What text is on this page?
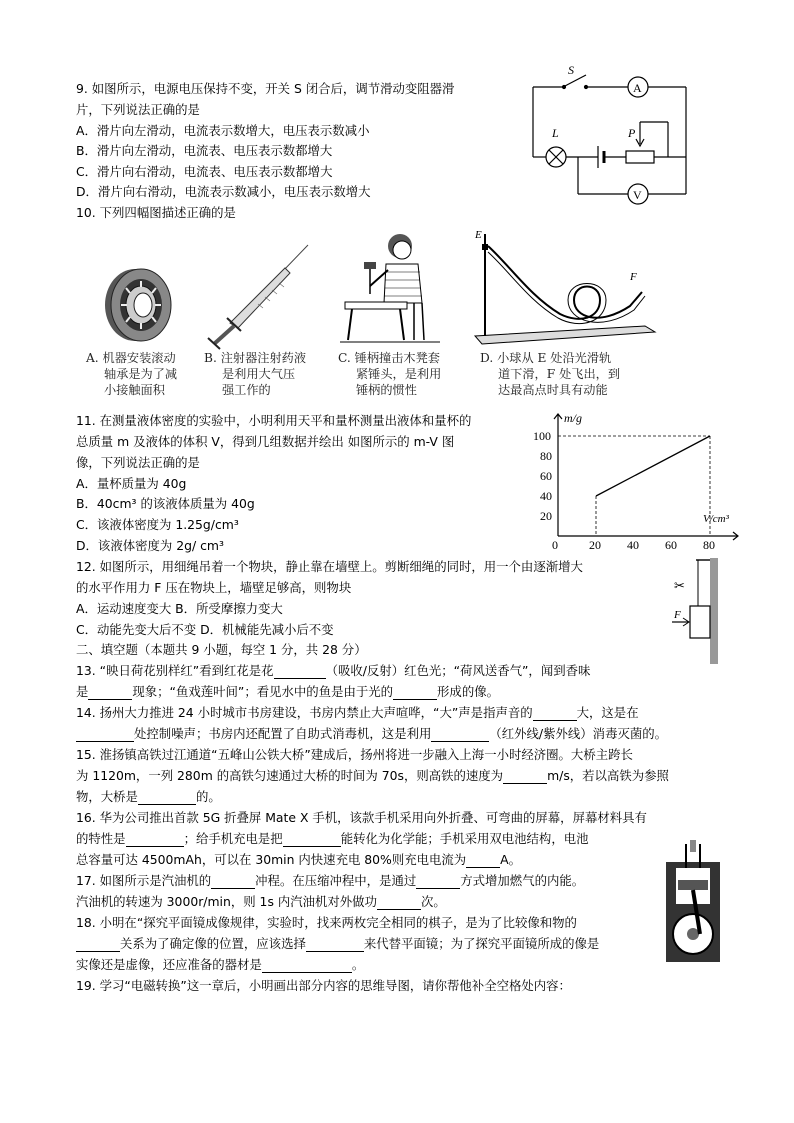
9. 如图所示，电源电压保持不变，开关 S 闭合后，调节滑动变阻器滑
片，下列说法正确的是
A．滑片向左滑动，电流表示数增大，电压表示数减小
B．滑片向左滑动，电流表、电压表示数都增大
C．滑片向右滑动，电流表、电压表示数都增大
D．滑片向右滑动，电流表示数减小，电压表示数增大
S
A
L	P
V
10. 下列四幅图描述正确的是
E
F
A. 机器安装滚动
轴承是为了减
小接触面积
B. 注射器注射药液
是利用大气压
强工作的
C. 锤柄撞击木凳套
紧锤头，是利用
锤柄的惯性
D. 小球从 E 处沿光滑轨
道下滑，F 处飞出，到
达最高点时具有动能
11. 在测量液体密度的实验中，小明利用天平和量杯测量出液体和量杯的
总质量 m 及液体的体积 V，得到几组数据并绘出 如图所示的 m-V 图
像，下列说法正确的是
A．量杯质量为 40g
B．40cm³ 的该液体质量为 40g
C．该液体密度为 1.25g/cm³
D．该液体密度为 2g/ cm³	0	20 40 60 80
20
40
60
80
100
m/g
V/cm³
12. 如图所示，用细绳吊着一个物块，静止靠在墙壁上。剪断细绳的同时，用一个由逐渐增大
的水平作用力 F 压在物块上，墙壁足够高，则物块
A．运动速度变大 B．所受摩擦力变大
C．动能先变大后不变 D．机械能先减小后不变
F
✂
二、填空题（本题共 9 小题，每空 1 分，共 28 分）
13. “映日荷花别样红”看到红花是花	（吸收/反射）红色光；“荷风送香气”，闻到香味
是	现象；“鱼戏莲叶间”；看见水中的鱼是由于光的	形成的像。
14. 扬州大力推进 24 小时城市书房建设，书房内禁止大声喧哗，“大”声是指声音的	大，这是在
处控制噪声；书房内还配置了自助式消毒机，这是利用	（红外线/紫外线）消毒灭菌的。
15. 淮扬镇高铁过江通道“五峰山公铁大桥”建成后，扬州将进一步融入上海一小时经济圈。大桥主跨长
为 1120m，一列 280m 的高铁匀速通过大桥的时间为 70s，则高铁的速度为	m/s，若以高铁为参照
物，大桥是	的。
16. 华为公司推出首款 5G 折叠屏 Mate X 手机，该款手机采用向外折叠、可弯曲的屏幕，屏幕材料具有
的特性是	；给手机充电是把	能转化为化学能；手机采用双电池结构，电池
总容量可达 4500mAh，可以在 30min 内快速充电 80%则充电电流为	A。
17. 如图所示是汽油机的	冲程。在压缩冲程中，是通过	方式增加燃气的内能。
汽油机的转速为 3000r/min，则 1s 内汽油机对外做功	次。
18. 小明在“探究平面镜成像规律，实验时，找来两枚完全相同的棋子，是为了比较像和物的
关系为了确定像的位置，应该选择	来代替平面镜；为了探究平面镜所成的像是
实像还是虚像，还应准备的器材是	。
19. 学习“电磁转换”这一章后，小明画出部分内容的思维导图，请你帮他补全空格处内容：
